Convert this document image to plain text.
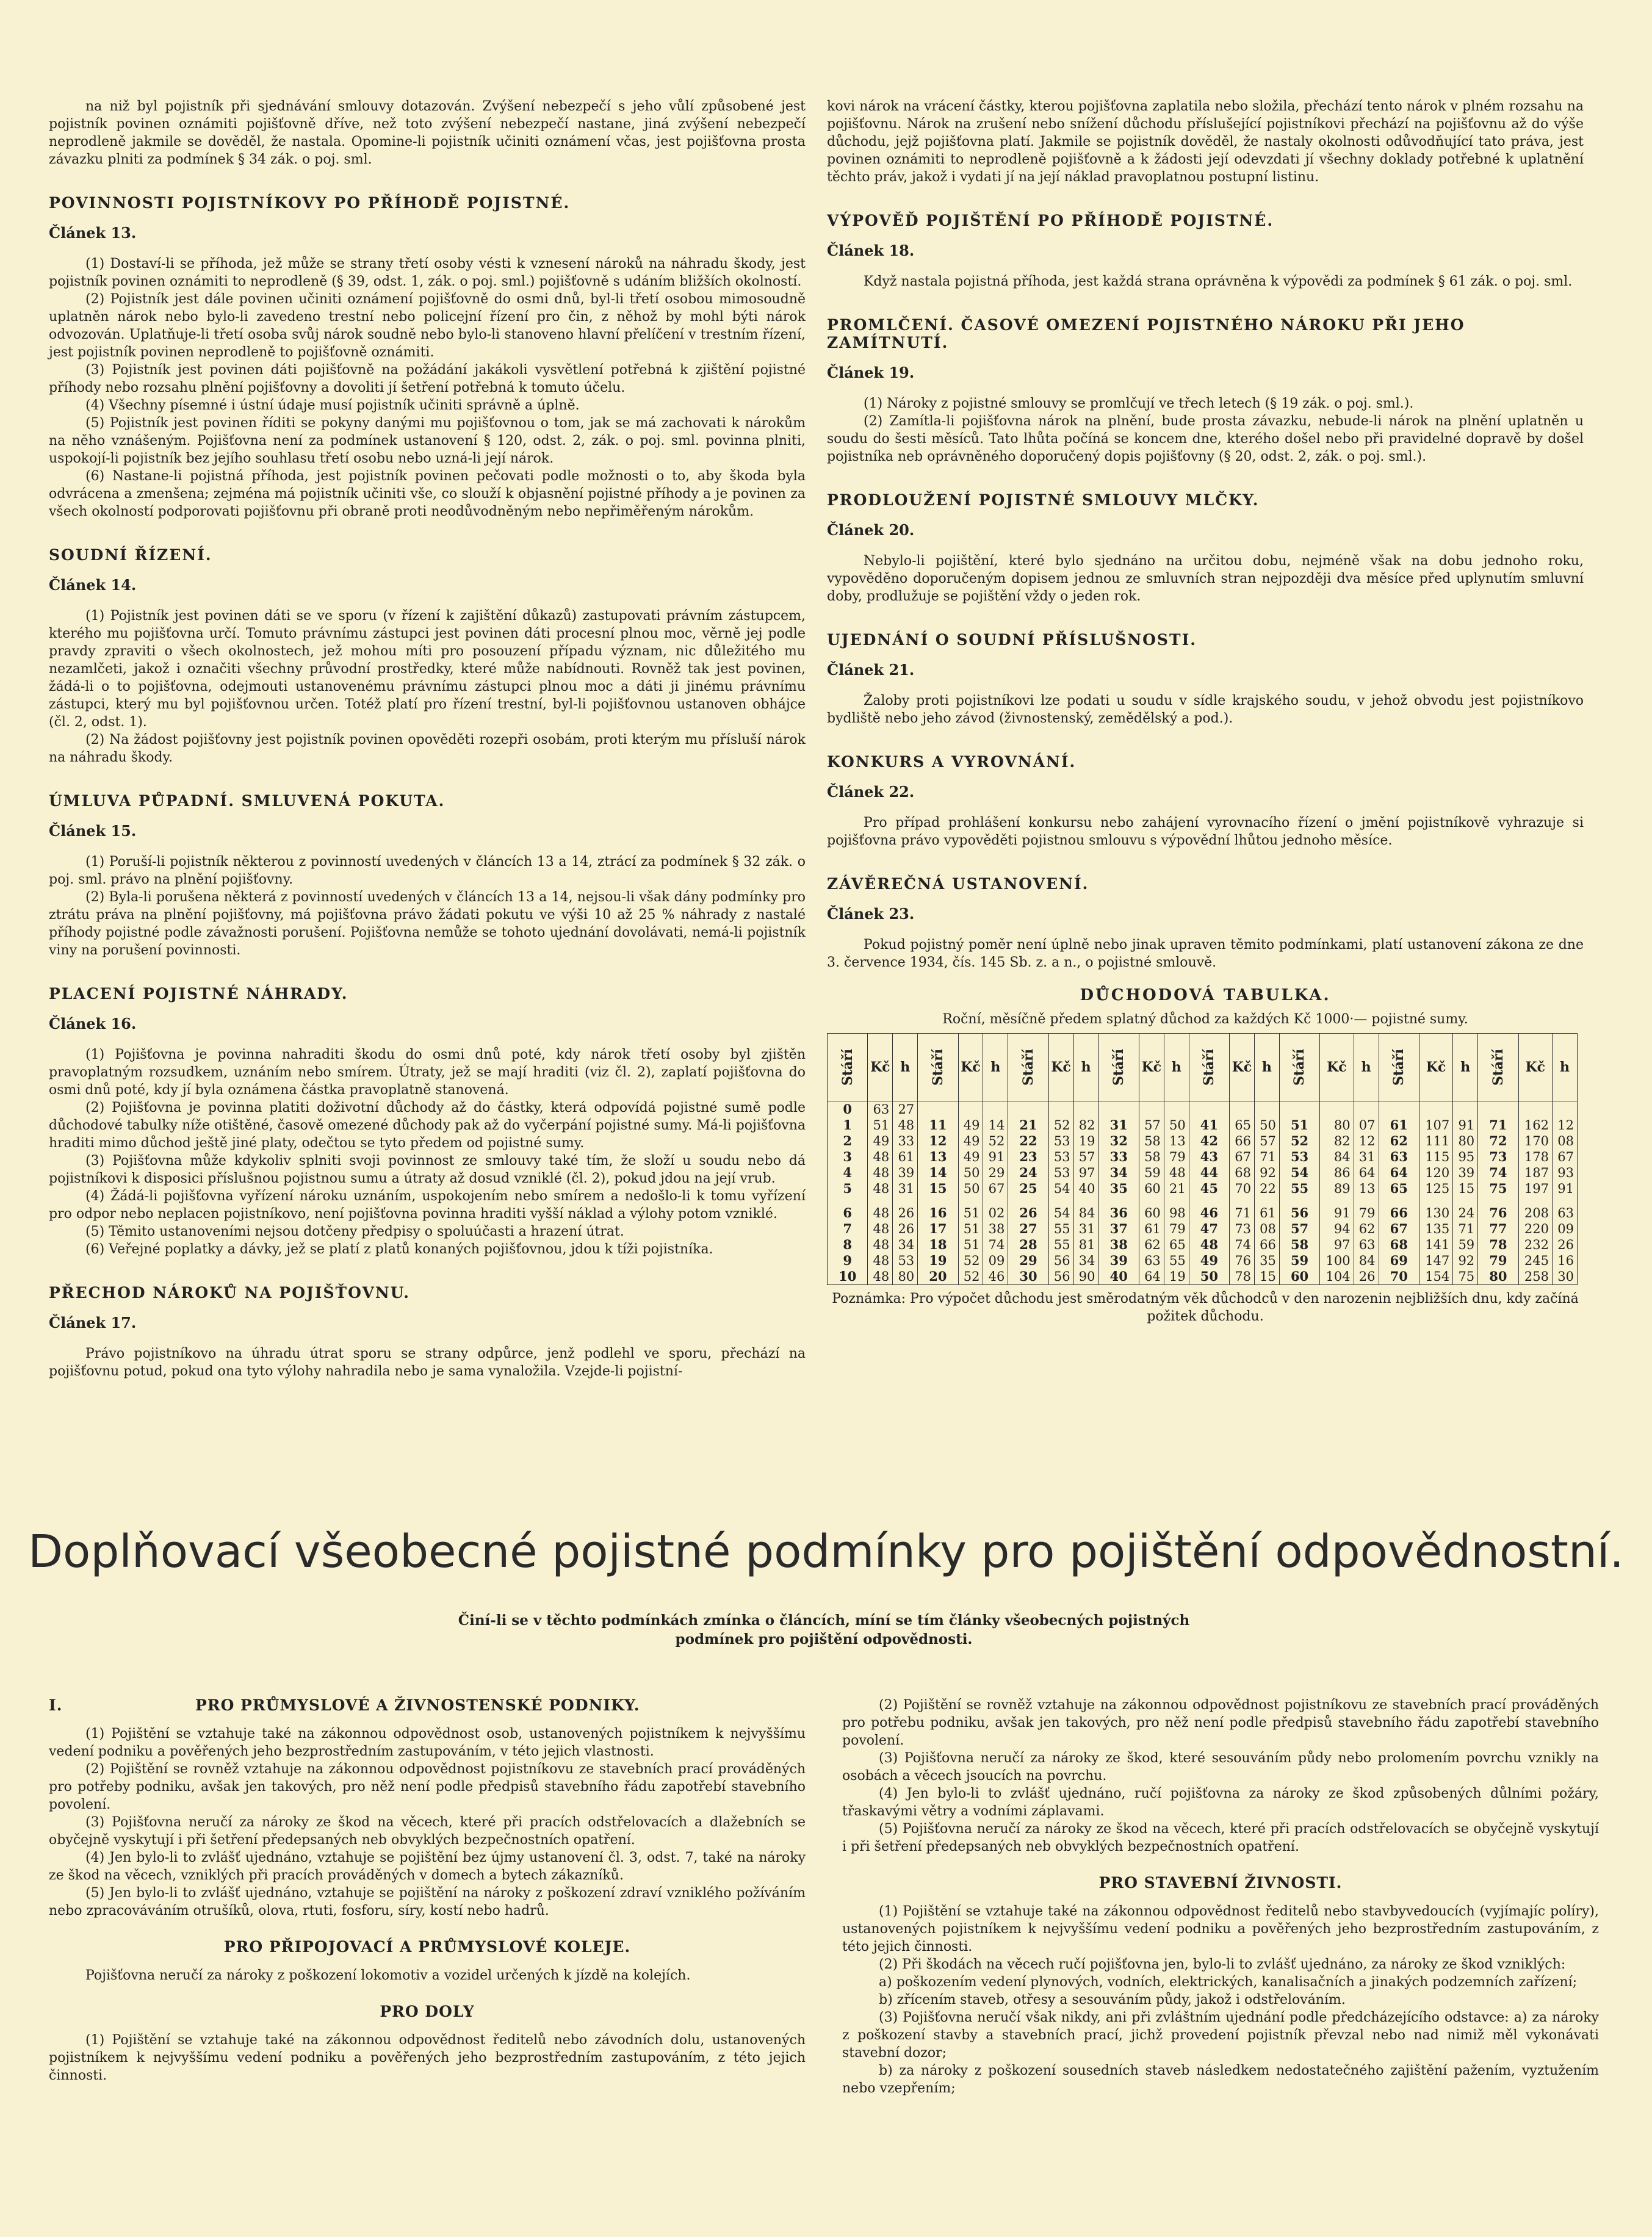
na niž byl pojistník při sjednávání smlouvy dotazován. Zvýšení nebezpečí s jeho vůlí způsobené jest pojistník povinen oznámiti pojišťovně dříve, než toto zvýšení nebezpečí nastane, jiná zvýšení nebezpečí neprodleně jakmile se dověděl, že nastala. Opomine-li pojistník učiniti oznámení včas, jest pojišťovna prosta závazku plniti za podmínek § 34 zák. o poj. sml.

POVINNOSTI POJISTNÍKOVY PO PŘÍHODĚ POJISTNÉ.
Článek 13.

(1) Dostaví-li se příhoda, jež může se strany třetí osoby vésti k vznesení nároků na náhradu škody, jest pojistník povinen oznámiti to neprodleně (§ 39, odst. 1, zák. o poj. sml.) pojišťovně s udáním bližších okolností.

(2) Pojistník jest dále povinen učiniti oznámení pojišťovně do osmi dnů, byl-li třetí osobou mimosoudně uplatněn nárok nebo bylo-li zavedeno trestní nebo policejní řízení pro čin, z něhož by mohl býti nárok odvozován. Uplatňuje-li třetí osoba svůj nárok soudně nebo bylo-li stanoveno hlavní přelíčení v trestním řízení, jest pojistník povinen neprodleně to pojišťovně oznámiti.

(3) Pojistník jest povinen dáti pojišťovně na požádání jakákoli vysvětlení potřebná k zjištění pojistné příhody nebo rozsahu plnění pojišťovny a dovoliti jí šetření potřebná k tomuto účelu.

(4) Všechny písemné i ústní údaje musí pojistník učiniti správně a úplně.

(5) Pojistník jest povinen říditi se pokyny danými mu pojišťovnou o tom, jak se má zachovati k nárokům na něho vznášeným. Pojišťovna není za podmínek ustanovení § 120, odst. 2, zák. o poj. sml. povinna plniti, uspokojí-li pojistník bez jejího souhlasu třetí osobu nebo uzná-li její nárok.

(6) Nastane-li pojistná příhoda, jest pojistník povinen pečovati podle možnosti o to, aby škoda byla odvrácena a zmenšena; zejména má pojistník učiniti vše, co slouží k objasnění pojistné příhody a je povinen za všech okolností podporovati pojišťovnu při obraně proti neodůvodněným nebo nepřiměřeným nárokům.

SOUDNÍ ŘÍZENÍ.
Článek 14.

(1) Pojistník jest povinen dáti se ve sporu (v řízení k zajištění důkazů) zastupovati právním zástupcem, kterého mu pojišťovna určí. Tomuto právnímu zástupci jest povinen dáti procesní plnou moc, věrně jej podle pravdy zpraviti o všech okolnostech, jež mohou míti pro posouzení případu význam, nic důležitého mu nezamlčeti, jakož i označiti všechny průvodní prostředky, které může nabídnouti. Rovněž tak jest povinen, žádá-li o to pojišťovna, odejmouti ustanovenému právnímu zástupci plnou moc a dáti ji jinému právnímu zástupci, který mu byl pojišťovnou určen. Totéž platí pro řízení trestní, byl-li pojišťovnou ustanoven obhájce (čl. 2, odst. 1).

(2) Na žádost pojišťovny jest pojistník povinen opověděti rozepři osobám, proti kterým mu přísluší nárok na náhradu škody.

ÚMLUVA PŮPADNÍ. SMLUVENÁ POKUTA.
Článek 15.

(1) Poruší-li pojistník některou z povinností uvedených v článcích 13 a 14, ztrácí za podmínek § 32 zák. o poj. sml. právo na plnění pojišťovny.

(2) Byla-li porušena některá z povinností uvedených v článcích 13 a 14, nejsou-li však dány podmínky pro ztrátu práva na plnění pojišťovny, má pojišťovna právo žádati pokutu ve výši 10 až 25 % náhrady z nastalé příhody pojistné podle závažnosti porušení. Pojišťovna nemůže se tohoto ujednání dovolávati, nemá-li pojistník viny na porušení povinnosti.

PLACENÍ POJISTNÉ NÁHRADY.
Článek 16.

(1) Pojišťovna je povinna nahraditi škodu do osmi dnů poté, kdy nárok třetí osoby byl zjištěn pravoplatným rozsudkem, uznáním nebo smírem. Útraty, jež se mají hraditi (viz čl. 2), zaplatí pojišťovna do osmi dnů poté, kdy jí byla oznámena částka pravoplatně stanovená.

(2) Pojišťovna je povinna platiti doživotní důchody až do částky, která odpovídá pojistné sumě podle důchodové tabulky níže otištěné, časově omezené důchody pak až do vyčerpání pojistné sumy. Má-li pojišťovna hraditi mimo důchod ještě jiné platy, odečtou se tyto předem od pojistné sumy.

(3) Pojišťovna může kdykoliv splniti svoji povinnost ze smlouvy také tím, že složí u soudu nebo dá pojistníkovi k disposici příslušnou pojistnou sumu a útraty až dosud vzniklé (čl. 2), pokud jdou na její vrub.

(4) Žádá-li pojišťovna vyřízení nároku uznáním, uspokojením nebo smírem a nedošlo-li k tomu vyřízení pro odpor nebo neplacen pojistníkovo, není pojišťovna povinna hraditi vyšší náklad a výlohy potom vzniklé.

(5) Těmito ustanoveními nejsou dotčeny předpisy o spoluúčasti a hrazení útrat.

(6) Veřejné poplatky a dávky, jež se platí z platů konaných pojišťovnou, jdou k tíži pojistníka.

PŘECHOD NÁROKŮ NA POJIŠŤOVNU.
Článek 17.

Právo pojistníkovo na úhradu útrat sporu se strany odpůrce, jenž podlehl ve sporu, přechází na pojišťovnu potud, pokud ona tyto výlohy nahradila nebo je sama vynaložila. Vzejde-li pojistní-

kovi nárok na vrácení částky, kterou pojišťovna zaplatila nebo složila, přechází tento nárok v plném rozsahu na pojišťovnu. Nárok na zrušení nebo snížení důchodu příslušející pojistníkovi přechází na pojišťovnu až do výše důchodu, jejž pojišťovna platí. Jakmile se pojistník dověděl, že nastaly okolnosti odůvodňující tato práva, jest povinen oznámiti to neprodleně pojišťovně a k žádosti její odevzdati jí všechny doklady potřebné k uplatnění těchto práv, jakož i vydati jí na její náklad pravoplatnou postupní listinu.

VÝPOVĚĎ POJIŠTĚNÍ PO PŘÍHODĚ POJISTNÉ.
Článek 18.

Když nastala pojistná příhoda, jest každá strana oprávněna k výpovědi za podmínek § 61 zák. o poj. sml.

PROMLČENÍ. ČASOVÉ OMEZENÍ POJISTNÉHO NÁROKU PŘI JEHO ZAMÍTNUTÍ.
Článek 19.

(1) Nároky z pojistné smlouvy se promlčují ve třech letech (§ 19 zák. o poj. sml.).

(2) Zamítla-li pojišťovna nárok na plnění, bude prosta závazku, nebude-li nárok na plnění uplatněn u soudu do šesti měsíců. Tato lhůta počíná se koncem dne, kterého došel nebo při pravidelné dopravě by došel pojistníka neb oprávněného doporučený dopis pojišťovny (§ 20, odst. 2, zák. o poj. sml.).

PRODLOUŽENÍ POJISTNÉ SMLOUVY MLČKY.
Článek 20.

Nebylo-li pojištění, které bylo sjednáno na určitou dobu, nejméně však na dobu jednoho roku, vypověděno doporučeným dopisem jednou ze smluvních stran nejpozději dva měsíce před uplynutím smluvní doby, prodlužuje se pojištění vždy o jeden rok.

UJEDNÁNÍ O SOUDNÍ PŘÍSLUŠNOSTI.
Článek 21.

Žaloby proti pojistníkovi lze podati u soudu v sídle krajského soudu, v jehož obvodu jest pojistníkovo bydliště nebo jeho závod (živnostenský, zemědělský a pod.).

KONKURS A VYROVNÁNÍ.
Článek 22.

Pro případ prohlášení konkursu nebo zahájení vyrovnacího řízení o jmění pojistníkově vyhrazuje si pojišťovna právo vypověděti pojistnou smlouvu s výpovědní lhůtou jednoho měsíce.

ZÁVĚREČNÁ USTANOVENÍ.
Článek 23.

Pokud pojistný poměr není úplně nebo jinak upraven těmito podmínkami, platí ustanovení zákona ze dne 3. července 1934, čís. 145 Sb. z. a n., o pojistné smlouvě.

DŮCHODOVÁ TABULKA.
Roční, měsíčně předem splatný důchod za každých Kč 1000·— pojistné sumy.
Stáří	Kč	h	Stáří	Kč	h	Stáří	Kč	h	Stáří	Kč	h	Stáří	Kč	h	Stáří	Kč	h	Stáří	Kč	h	Stáří	Kč	h
0	63	27																					
1	51	48	11	49	14	21	52	82	31	57	50	41	65	50	51	80	07	61	107	91	71	162	12
2	49	33	12	49	52	22	53	19	32	58	13	42	66	57	52	82	12	62	111	80	72	170	08
3	48	61	13	49	91	23	53	57	33	58	79	43	67	71	53	84	31	63	115	95	73	178	67
4	48	39	14	50	29	24	53	97	34	59	48	44	68	92	54	86	64	64	120	39	74	187	93
5	48	31	15	50	67	25	54	40	35	60	21	45	70	22	55	89	13	65	125	15	75	197	91

6	48	26	16	51	02	26	54	84	36	60	98	46	71	61	56	91	79	66	130	24	76	208	63
7	48	26	17	51	38	27	55	31	37	61	79	47	73	08	57	94	62	67	135	71	77	220	09
8	48	34	18	51	74	28	55	81	38	62	65	48	74	66	58	97	63	68	141	59	78	232	26
9	48	53	19	52	09	29	56	34	39	63	55	49	76	35	59	100	84	69	147	92	79	245	16
10	48	80	20	52	46	30	56	90	40	64	19	50	78	15	60	104	26	70	154	75	80	258	30
Poznámka: Pro výpočet důchodu jest směrodatným věk důchodců v den narozenin nejbližších dnu, kdy začíná požitek důchodu.
Doplňovací všeobecné pojistné podmínky pro pojištění odpovědnostní.
Činí-li se v těchto podmínkách zmínka o článcích, míní se tím články všeobecných pojistných podmínek pro pojištění odpovědnosti.
I.	PRO PRŮMYSLOVÉ A ŽIVNOSTENSKÉ PODNIKY.

(1) Pojištění se vztahuje také na zákonnou odpovědnost osob, ustanovených pojistníkem k nejvyššímu vedení podniku a pověřených jeho bezprostředním zastupováním, v této jejich vlastnosti.

(2) Pojištění se rovněž vztahuje na zákonnou odpovědnost pojistníkovu ze stavebních prací prováděných pro potřeby podniku, avšak jen takových, pro něž není podle předpisů stavebního řádu zapotřebí stavebního povolení.

(3) Pojišťovna neručí za nároky ze škod na věcech, které při pracích odstřelovacích a dlažebních se obyčejně vyskytují i při šetření předepsaných neb obvyklých bezpečnostních opatření.

(4) Jen bylo-li to zvlášť ujednáno, vztahuje se pojištění bez újmy ustanovení čl. 3, odst. 7, také na nároky ze škod na věcech, vzniklých při pracích prováděných v domech a bytech zákazníků.

(5) Jen bylo-li to zvlášť ujednáno, vztahuje se pojištění na nároky z poškození zdraví vzniklého požíváním nebo zpracováváním otrušíků, olova, rtuti, fosforu, síry, kostí nebo hadrů.

PRO PŘIPOJOVACÍ A PRŮMYSLOVÉ KOLEJE.

Pojišťovna neručí za nároky z poškození lokomotiv a vozidel určených k jízdě na kolejích.

PRO DOLY

(1) Pojištění se vztahuje také na zákonnou odpovědnost ředitelů nebo závodních dolu, ustanovených pojistníkem k nejvyššímu vedení podniku a pověřených jeho bezprostředním zastupováním, z této jejich činnosti.

(2) Pojištění se rovněž vztahuje na zákonnou odpovědnost pojistníkovu ze stavebních prací prováděných pro potřebu podniku, avšak jen takových, pro něž není podle předpisů stavebního řádu zapotřebí stavebního povolení.

(3) Pojišťovna neručí za nároky ze škod, které sesouváním půdy nebo prolomením povrchu vznikly na osobách a věcech jsoucích na povrchu.

(4) Jen bylo-li to zvlášť ujednáno, ručí pojišťovna za nároky ze škod způsobených důlními požáry, třaskavými větry a vodními záplavami.

(5) Pojišťovna neručí za nároky ze škod na věcech, které při pracích odstřelovacích se obyčejně vyskytují i při šetření předepsaných neb obvyklých bezpečnostních opatření.

PRO STAVEBNÍ ŽIVNOSTI.

(1) Pojištění se vztahuje také na zákonnou odpovědnost ředitelů nebo stavbyvedoucích (vyjímajíc políry), ustanovených pojistníkem k nejvyššímu vedení podniku a pověřených jeho bezprostředním zastupováním, z této jejich činnosti.

(2) Při škodách na věcech ručí pojišťovna jen, bylo-li to zvlášť ujednáno, za nároky ze škod vzniklých:

a) poškozením vedení plynových, vodních, elektrických, kanalisačních a jinakých podzemních zařízení;

b) zřícením staveb, otřesy a sesouváním půdy, jakož i odstřelováním.

(3) Pojišťovna neručí však nikdy, ani při zvláštním ujednání podle předcházejícího odstavce: a) za nároky z poškození stavby a stavebních prací, jichž provedení pojistník převzal nebo nad nimiž měl vykonávati stavební dozor;

b) za nároky z poškození sousedních staveb následkem nedostatečného zajištění pažením, vyztužením nebo vzepřením;
